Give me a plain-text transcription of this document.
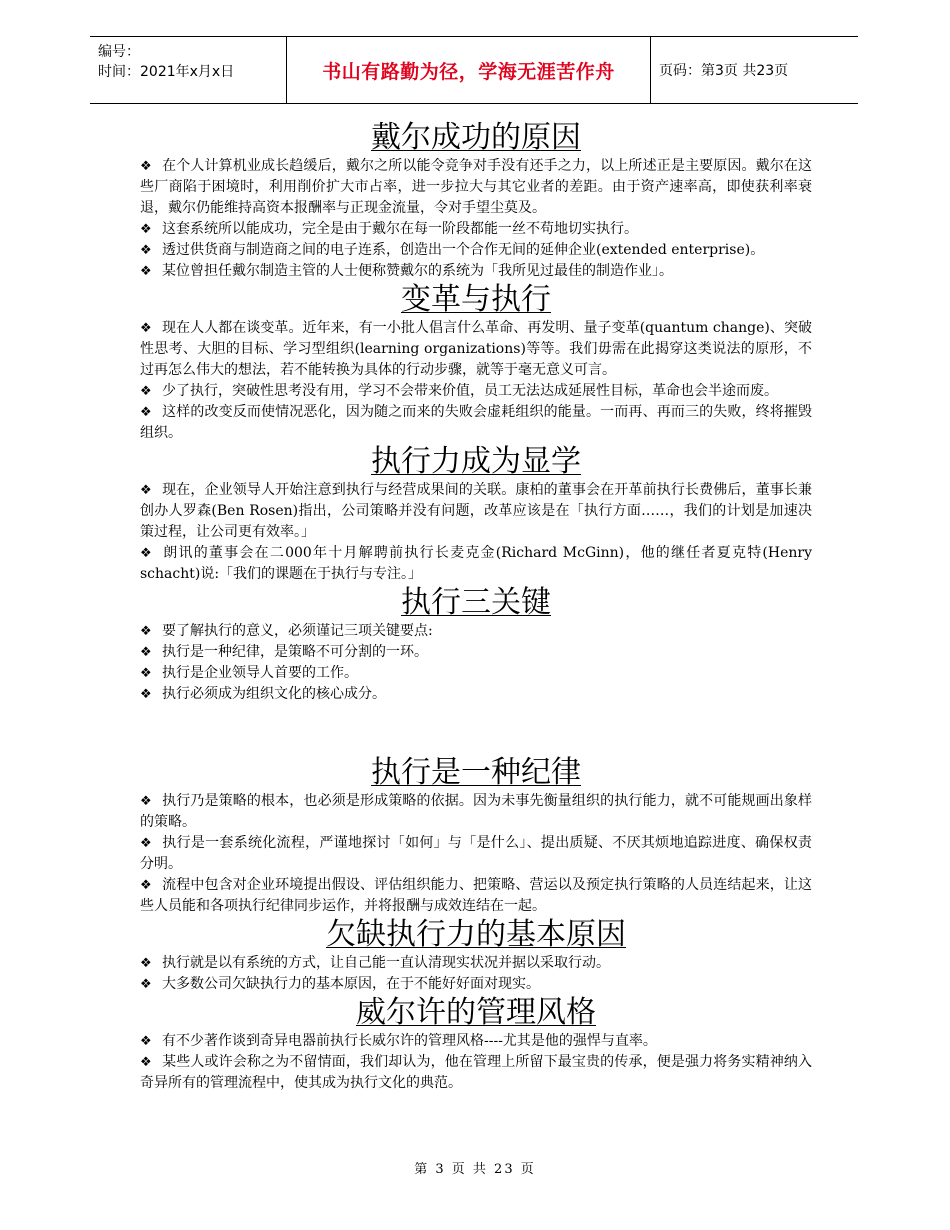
编号：
时间：2021年x月x日	书山有路勤为径，学海无涯苦作舟	页码：第3页 共23页
戴尔成功的原因

❖ 在个人计算机业成长趋缓后，戴尔之所以能令竞争对手没有还手之力，以上所述正是主要原因。戴尔在这些厂商陷于困境时，利用削价扩大市占率，进一步拉大与其它业者的差距。由于资产速率高，即使获利率衰退，戴尔仍能维持高资本报酬率与正现金流量，令对手望尘莫及。

❖ 这套系统所以能成功，完全是由于戴尔在每一阶段都能一丝不苟地切实执行。

❖ 透过供货商与制造商之间的电子连系，创造出一个合作无间的延伸企业(extended enterprise)。

❖ 某位曾担任戴尔制造主管的人士便称赞戴尔的系统为「我所见过最佳的制造作业」。

变革与执行

❖ 现在人人都在谈变革。近年来，有一小批人倡言什么革命、再发明、量子变革(quantum change)、突破性思考、大胆的目标、学习型组织(learning organizations)等等。我们毋需在此揭穿这类说法的原形，不过再怎么伟大的想法，若不能转换为具体的行动步骤，就等于毫无意义可言。

❖ 少了执行，突破性思考没有用，学习不会带来价值，员工无法达成延展性目标，革命也会半途而废。

❖ 这样的改变反而使情况恶化，因为随之而来的失败会虚耗组织的能量。一而再、再而三的失败，终将摧毁组织。

执行力成为显学

❖ 现在，企业领导人开始注意到执行与经营成果间的关联。康柏的董事会在开革前执行长费佛后，董事长兼创办人罗森(Ben Rosen)指出，公司策略并没有问题，改革应该是在「执行方面……，我们的计划是加速决策过程，让公司更有效率。」

❖ 朗讯的董事会在二000年十月解聘前执行长麦克金(Richard McGinn)，他的继任者夏克特(Henry schacht)说:「我们的课题在于执行与专注。」

执行三关键

❖ 要了解执行的意义，必须谨记三项关键要点:

❖ 执行是一种纪律，是策略不可分割的一环。

❖ 执行是企业领导人首要的工作。

❖ 执行必须成为组织文化的核心成分。

执行是一种纪律

❖ 执行乃是策略的根本，也必须是形成策略的依据。因为未事先衡量组织的执行能力，就不可能规画出象样的策略。

❖ 执行是一套系统化流程，严谨地探讨「如何」与「是什么」、提出质疑、不厌其烦地追踪进度、确保权责分明。

❖ 流程中包含对企业环境提出假设、评估组织能力、把策略、营运以及预定执行策略的人员连结起来，让这些人员能和各项执行纪律同步运作，并将报酬与成效连结在一起。

欠缺执行力的基本原因

❖ 执行就是以有系统的方式，让自己能一直认清现实状况并据以采取行动。

❖ 大多数公司欠缺执行力的基本原因，在于不能好好面对现实。

威尔许的管理风格

❖ 有不少著作谈到奇异电器前执行长威尔许的管理风格----尤其是他的强悍与直率。

❖ 某些人或许会称之为不留情面，我们却认为，他在管理上所留下最宝贵的传承，便是强力将务实精神纳入奇异所有的管理流程中，使其成为执行文化的典范。

第 3 页 共 23 页
